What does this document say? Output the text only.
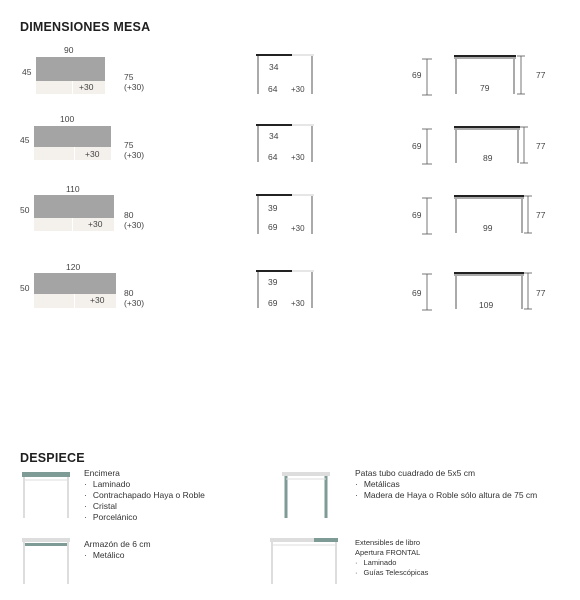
DIMENSIONES MESA
90
45
+30
75 (+30)
34
64 +30
69	77
79
100
45
+30
75 (+30)
34
64 +30
69	77
89
110
50
+30
80 (+30)
39
69 +30
69	77
99
120
50
+30
80 (+30)
39
69 +30
69	77
109
DESPIECE
Encimera
· Laminado
· Contrachapado Haya o Roble
· Cristal
· Porcelánico
Patas tubo cuadrado de 5x5 cm
· Metálicas
· Madera de Haya o Roble sólo altura de 75 cm
Armazón de 6 cm
· Metálico
Extensibles de libro
Apertura FRONTAL
· Laminado
· Guías Telescópicas
